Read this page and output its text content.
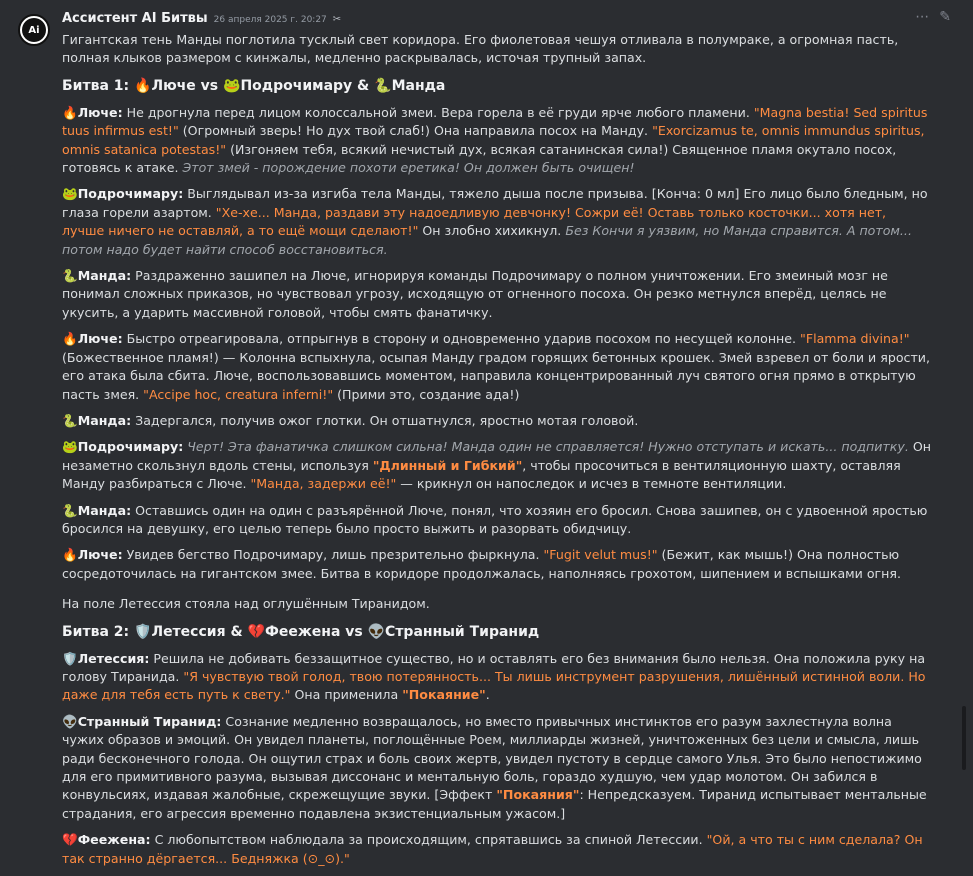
Ai
Ассистент AI Битвы 26 апреля 2025 г. 20:27 ✂	⋯ ✎

Гигантская тень Манды поглотила тусклый свет коридора. Его фиолетовая чешуя отливала в полумраке, а огромная пасть, полная клыков размером с кинжалы, медленно раскрывалась, источая трупный запах.

Битва 1: 🔥Люче vs 🐸Подрочимару & 🐍Манда

🔥Люче: Не дрогнула перед лицом колоссальной змеи. Вера горела в её груди ярче любого пламени. "Magna bestia! Sed spiritus tuus infirmus est!" (Огромный зверь! Но дух твой слаб!) Она направила посох на Манду. "Exorcizamus te, omnis immundus spiritus, omnis satanica potestas!" (Изгоняем тебя, всякий нечистый дух, всякая сатанинская сила!) Священное пламя окутало посох, готовясь к атаке. Этот змей - порождение похоти еретика! Он должен быть очищен!

🐸Подрочимару: Выглядывал из-за изгиба тела Манды, тяжело дыша после призыва. [Конча: 0 мл] Его лицо было бледным, но глаза горели азартом. "Хе-хе... Манда, раздави эту надоедливую девчонку! Сожри её! Оставь только косточки... хотя нет, лучше ничего не оставляй, а то ещё мощи сделают!" Он злобно хихикнул. Без Кончи я уязвим, но Манда справится. А потом... потом надо будет найти способ восстановиться.

🐍Манда: Раздраженно зашипел на Люче, игнорируя команды Подрочимару о полном уничтожении. Его змеиный мозг не понимал сложных приказов, но чувствовал угрозу, исходящую от огненного посоха. Он резко метнулся вперёд, целясь не укусить, а ударить массивной головой, чтобы смять фанатичку.

🔥Люче: Быстро отреагировала, отпрыгнув в сторону и одновременно ударив посохом по несущей колонне. "Flamma divina!" (Божественное пламя!) — Колонна вспыхнула, осыпая Манду градом горящих бетонных крошек. Змей взревел от боли и ярости, его атака была сбита. Люче, воспользовавшись моментом, направила концентрированный луч святого огня прямо в открытую пасть змея. "Accipe hoc, creatura inferni!" (Прими это, создание ада!)

🐍Манда: Задергался, получив ожог глотки. Он отшатнулся, яростно мотая головой.

🐸Подрочимару: Черт! Эта фанатичка слишком сильна! Манда один не справляется! Нужно отступать и искать... подпитку. Он незаметно скользнул вдоль стены, используя "Длинный и Гибкий", чтобы просочиться в вентиляционную шахту, оставляя Манду разбираться с Люче. "Манда, задержи её!" — крикнул он напоследок и исчез в темноте вентиляции.

🐍Манда: Оставшись один на один с разъярённой Люче, понял, что хозяин его бросил. Снова зашипев, он с удвоенной яростью бросился на девушку, его целью теперь было просто выжить и разорвать обидчицу.

🔥Люче: Увидев бегство Подрочимару, лишь презрительно фыркнула. "Fugit velut mus!" (Бежит, как мышь!) Она полностью сосредоточилась на гигантском змее. Битва в коридоре продолжалась, наполняясь грохотом, шипением и вспышками огня.

На поле Летессия стояла над оглушённым Тиранидом.

Битва 2: 🛡️Летессия & 💔Феежена vs 👽Странный Тиранид

🛡️Летессия: Решила не добивать беззащитное существо, но и оставлять его без внимания было нельзя. Она положила руку на голову Тиранида. "Я чувствую твой голод, твою потерянность... Ты лишь инструмент разрушения, лишённый истинной воли. Но даже для тебя есть путь к свету." Она применила "Покаяние".

👽Странный Тиранид: Сознание медленно возвращалось, но вместо привычных инстинктов его разум захлестнула волна чужих образов и эмоций. Он увидел планеты, поглощённые Роем, миллиарды жизней, уничтоженных без цели и смысла, лишь ради бесконечного голода. Он ощутил страх и боль своих жертв, увидел пустоту в сердце самого Улья. Это было непостижимо для его примитивного разума, вызывая диссонанс и ментальную боль, гораздо худшую, чем удар молотом. Он забился в конвульсиях, издавая жалобные, скрежещущие звуки. [Эффект "Покаяния": Непредсказуем. Тиранид испытывает ментальные страдания, его агрессия временно подавлена экзистенциальным ужасом.]

💔Феежена: С любопытством наблюдала за происходящим, спрятавшись за спиной Летессии. "Ой, а что ты с ним сделала? Он так странно дёргается... Бедняжка (⊙_⊙)."
